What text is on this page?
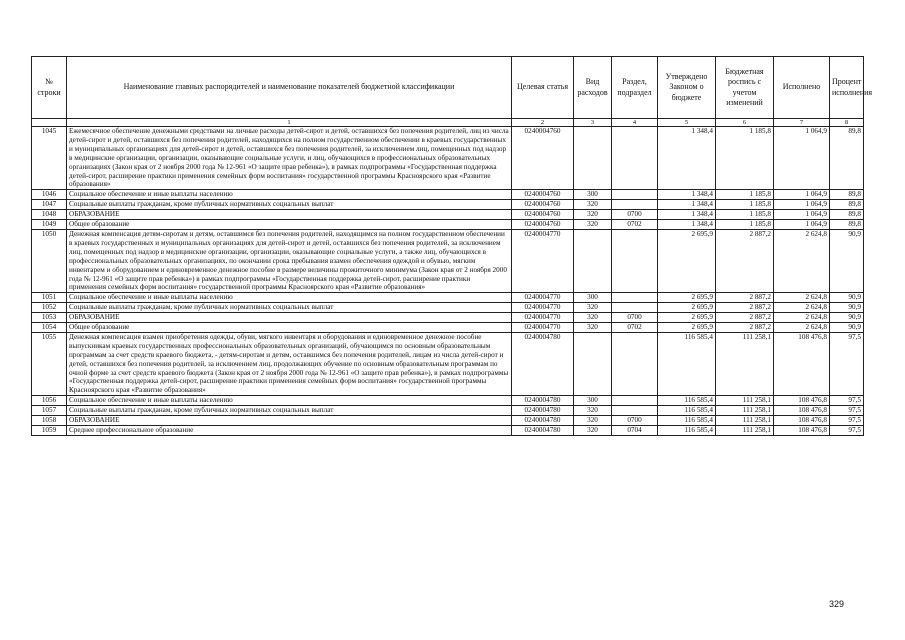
№ строки	Наименование главных распорядителей и наименование показателей бюджетной классификации	Целевая статья	Вид расходов	Раздел, подраздел	Утверждено Законом о бюджете	Бюджетная роспись с учетом изменений	Исполнено	Процент исполнения
	1	2	3	4	5	6	7	8
1045	Ежемесячное обеспечение денежными средствами на личные расходы детей-сирот и детей, оставшихся без попечения родителей, лиц из числа детей-сирот и детей, оставшихся без попечения родителей, находящихся на полном государственном обеспечении в краевых государственных и муниципальных организациях для детей-сирот и детей, оставшихся без попечения родителей, за исключением лиц, помещенных под надзор в медицинские организации, организации, оказывающие социальные услуги, и лиц, обучающихся в профессиональных образовательных организациях (Закон края от 2 ноября 2000 года № 12-961 «О защите прав ребенка»), в рамках подпрограммы «Государственная поддержка детей-сирот, расширение практики применения семейных форм воспитания» государственной программы Красноярского края «Развитие образования»	0240004760			1 348,4	1 185,8	1 064,9	89,8
1046	Социальное обеспечение и иные выплаты населению	0240004760	300		1 348,4	1 185,8	1 064,9	89,8
1047	Социальные выплаты гражданам, кроме публичных нормативных социальных выплат	0240004760	320		1 348,4	1 185,8	1 064,9	89,8
1048	ОБРАЗОВАНИЕ	0240004760	320	0700	1 348,4	1 185,8	1 064,9	89,8
1049	Общее образование	0240004760	320	0702	1 348,4	1 185,8	1 064,9	89,8
1050	Денежная компенсация детям-сиротам и детям, оставшимся без попечения родителей, находящимся на полном государственном обеспечении в краевых государственных и муниципальных организациях для детей-сирот и детей, оставшихся без попечения родителей, за исключением лиц, помещенных под надзор в медицинские организации, организации, оказывающие социальные услуги, а также лиц, обучающихся в профессиональных образовательных организациях, по окончании срока пребывания взамен обеспечения одеждой и обувью, мягким инвентарем и оборудованием и единовременное денежное пособие в размере величины прожиточного минимума (Закон края от 2 ноября 2000 года № 12-961 «О защите прав ребенка») в рамках подпрограммы «Государственная поддержка детей-сирот, расширение практики применения семейных форм воспитания» государственной программы Красноярского края «Развитие образования»	0240004770			2 695,9	2 887,2	2 624,8	90,9
1051	Социальное обеспечение и иные выплаты населению	0240004770	300		2 695,9	2 887,2	2 624,8	90,9
1052	Социальные выплаты гражданам, кроме публичных нормативных социальных выплат	0240004770	320		2 695,9	2 887,2	2 624,8	90,9
1053	ОБРАЗОВАНИЕ	0240004770	320	0700	2 695,9	2 887,2	2 624,8	90,9
1054	Общее образование	0240004770	320	0702	2 695,9	2 887,2	2 624,8	90,9
1055	Денежная компенсация взамен приобретения одежды, обуви, мягкого инвентаря и оборудования и единовременное денежное пособие выпускникам краевых государственных профессиональных образовательных организаций, обучающимся по основным образовательным программам за счет средств краевого бюджета, - детям-сиротам и детям, оставшимся без попечения родителей, лицам из числа детей-сирот и детей, оставшихся без попечения родителей, за исключением лиц, продолжающих обучение по основным образовательным программам по очной форме за счет средств краевого бюджета (Закон края от 2 ноября 2000 года № 12-961 «О защите прав ребенка»), в рамках подпрограммы «Государственная поддержка детей-сирот, расширение практики применения семейных форм воспитания» государственной программы Красноярского края «Развитие образования»	0240004780			116 585,4	111 258,1	108 476,8	97,5
1056	Социальное обеспечение и иные выплаты населению	0240004780	300		116 585,4	111 258,1	108 476,8	97,5
1057	Социальные выплаты гражданам, кроме публичных нормативных социальных выплат	0240004780	320		116 585,4	111 258,1	108 476,8	97,5
1058	ОБРАЗОВАНИЕ	0240004780	320	0700	116 585,4	111 258,1	108 476,8	97,5
1059	Среднее профессиональное образование	0240004780	320	0704	116 585,4	111 258,1	108 476,8	97,5
329
